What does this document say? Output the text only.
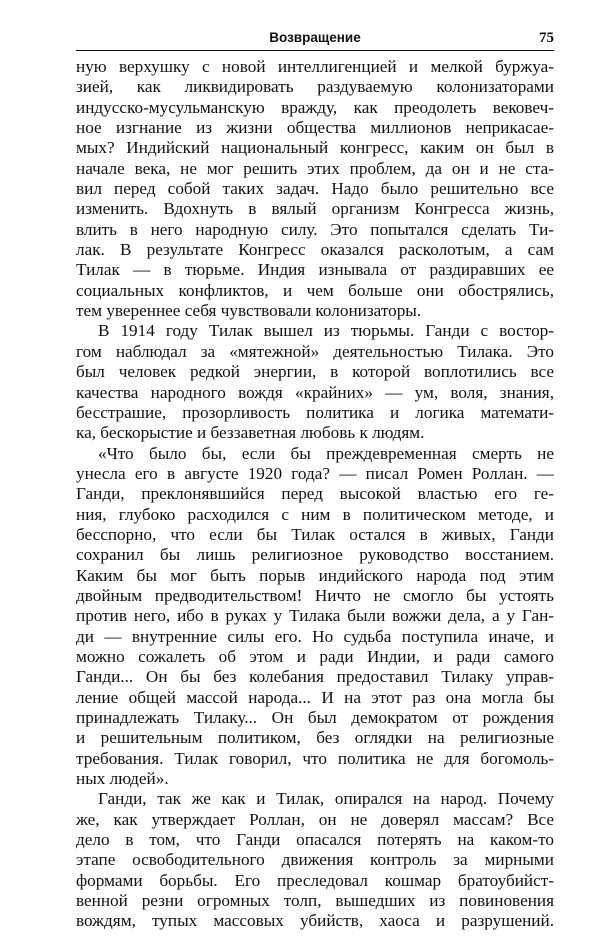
Возвращение	75
ную верхушку с новой интеллигенцией и мелкой буржуа-
зией, как ликвидировать раздуваемую колонизаторами
индусско-мусульманскую вражду, как преодолеть вековеч-
ное изгнание из жизни общества миллионов неприкасае-
мых? Индийский национальный конгресс, каким он был в
начале века, не мог решить этих проблем, да он и не ста-
вил перед собой таких задач. Надо было решительно все
изменить. Вдохнуть в вялый организм Конгресса жизнь,
влить в него народную силу. Это попытался сделать Ти-
лак. В результате Конгресс оказался расколотым, а сам
Тилак — в тюрьме. Индия изнывала от раздиравших ее
социальных конфликтов, и чем больше они обострялись,
тем увереннее себя чувствовали колонизаторы.
В 1914 году Тилак вышел из тюрьмы. Ганди с востор-
гом наблюдал за «мятежной» деятельностью Тилака. Это
был человек редкой энергии, в которой воплотились все
качества народного вождя «крайних» — ум, воля, знания,
бесстрашие, прозорливость политика и логика математи-
ка, бескорыстие и беззаветная любовь к людям.
«Что было бы, если бы преждевременная смерть не
унесла его в августе 1920 года? — писал Ромен Роллан. —
Ганди, преклонявшийся перед высокой властью его ге-
ния, глубоко расходился с ним в политическом методе, и
бесспорно, что если бы Тилак остался в живых, Ганди
сохранил бы лишь религиозное руководство восстанием.
Каким бы мог быть порыв индийского народа под этим
двойным предводительством! Ничто не смогло бы устоять
против него, ибо в руках у Тилака были вожжи дела, а у Ган-
ди — внутренние силы его. Но судьба поступила иначе, и
можно сожалеть об этом и ради Индии, и ради самого
Ганди... Он бы без колебания предоставил Тилаку управ-
ление общей массой народа... И на этот раз она могла бы
принадлежать Тилаку... Он был демократом от рождения
и решительным политиком, без оглядки на религиозные
требования. Тилак говорил, что политика не для богомоль-
ных людей».
Ганди, так же как и Тилак, опирался на народ. Почему
же, как утверждает Роллан, он не доверял массам? Все
дело в том, что Ганди опасался потерять на каком-то
этапе освободительного движения контроль за мирными
формами борьбы. Его преследовал кошмар братоубийст-
венной резни огромных толп, вышедших из повиновения
вождям, тупых массовых убийств, хаоса и разрушений.
